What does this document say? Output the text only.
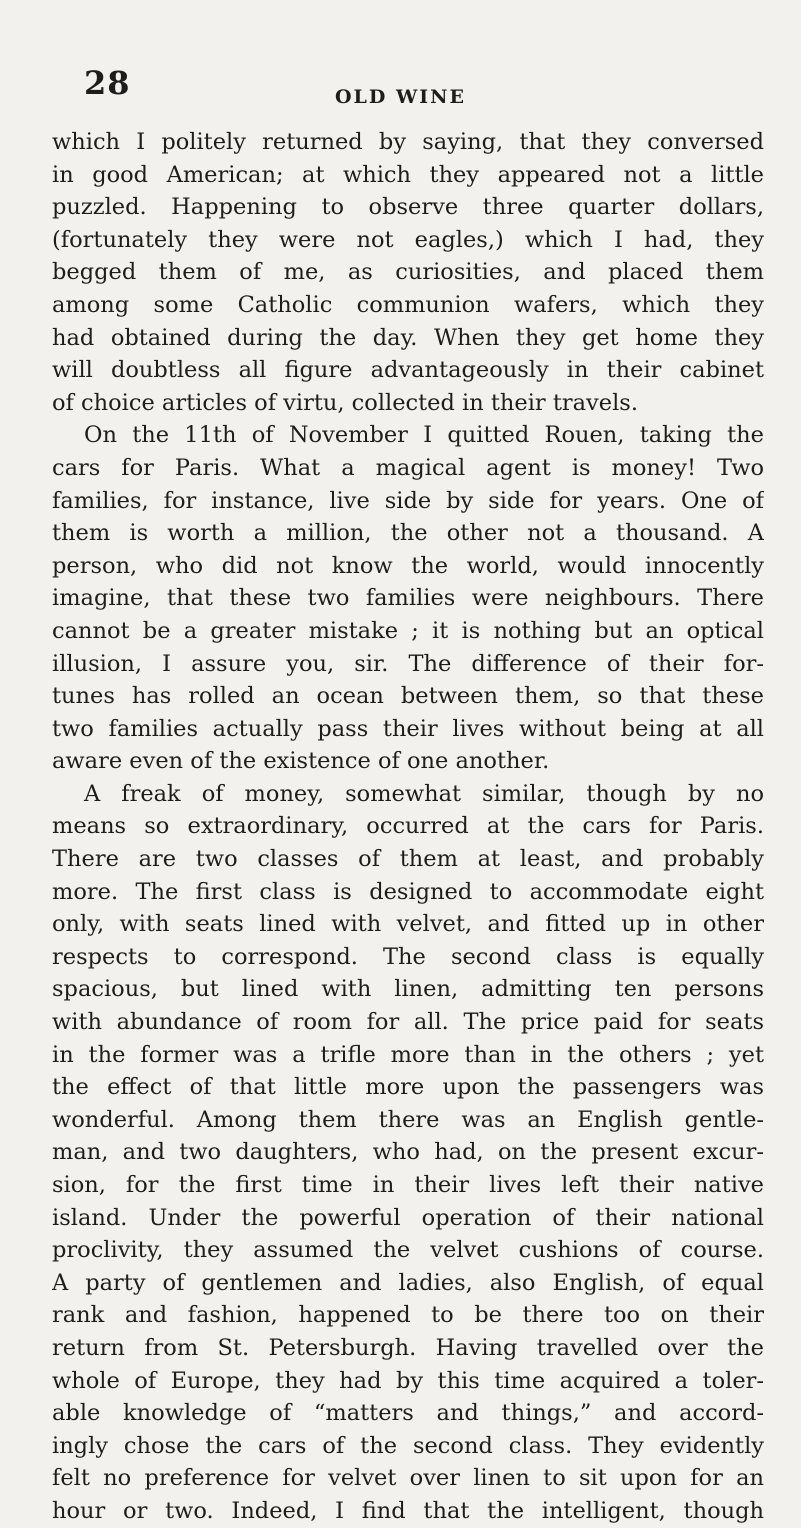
28	OLD WINE
which I politely returned by saying, that they conversed
in good American; at which they appeared not a little
puzzled. Happening to observe three quarter dollars,
(fortunately they were not eagles,) which I had, they
begged them of me, as curiosities, and placed them
among some Catholic communion wafers, which they
had obtained during the day. When they get home they
will doubtless all figure advantageously in their cabinet
of choice articles of virtu, collected in their travels.
On the 11th of November I quitted Rouen, taking the
cars for Paris. What a magical agent is money! Two
families, for instance, live side by side for years. One of
them is worth a million, the other not a thousand. A
person, who did not know the world, would innocently
imagine, that these two families were neighbours. There
cannot be a greater mistake ; it is nothing but an optical
illusion, I assure you, sir. The difference of their for-
tunes has rolled an ocean between them, so that these
two families actually pass their lives without being at all
aware even of the existence of one another.
A freak of money, somewhat similar, though by no
means so extraordinary, occurred at the cars for Paris.
There are two classes of them at least, and probably
more. The first class is designed to accommodate eight
only, with seats lined with velvet, and fitted up in other
respects to correspond. The second class is equally
spacious, but lined with linen, admitting ten persons
with abundance of room for all. The price paid for seats
in the former was a trifle more than in the others ; yet
the effect of that little more upon the passengers was
wonderful. Among them there was an English gentle-
man, and two daughters, who had, on the present excur-
sion, for the first time in their lives left their native
island. Under the powerful operation of their national
proclivity, they assumed the velvet cushions of course.
A party of gentlemen and ladies, also English, of equal
rank and fashion, happened to be there too on their
return from St. Petersburgh. Having travelled over the
whole of Europe, they had by this time acquired a toler-
able knowledge of “matters and things,” and accord-
ingly chose the cars of the second class. They evidently
felt no preference for velvet over linen to sit upon for an
hour or two. Indeed, I find that the intelligent, though
